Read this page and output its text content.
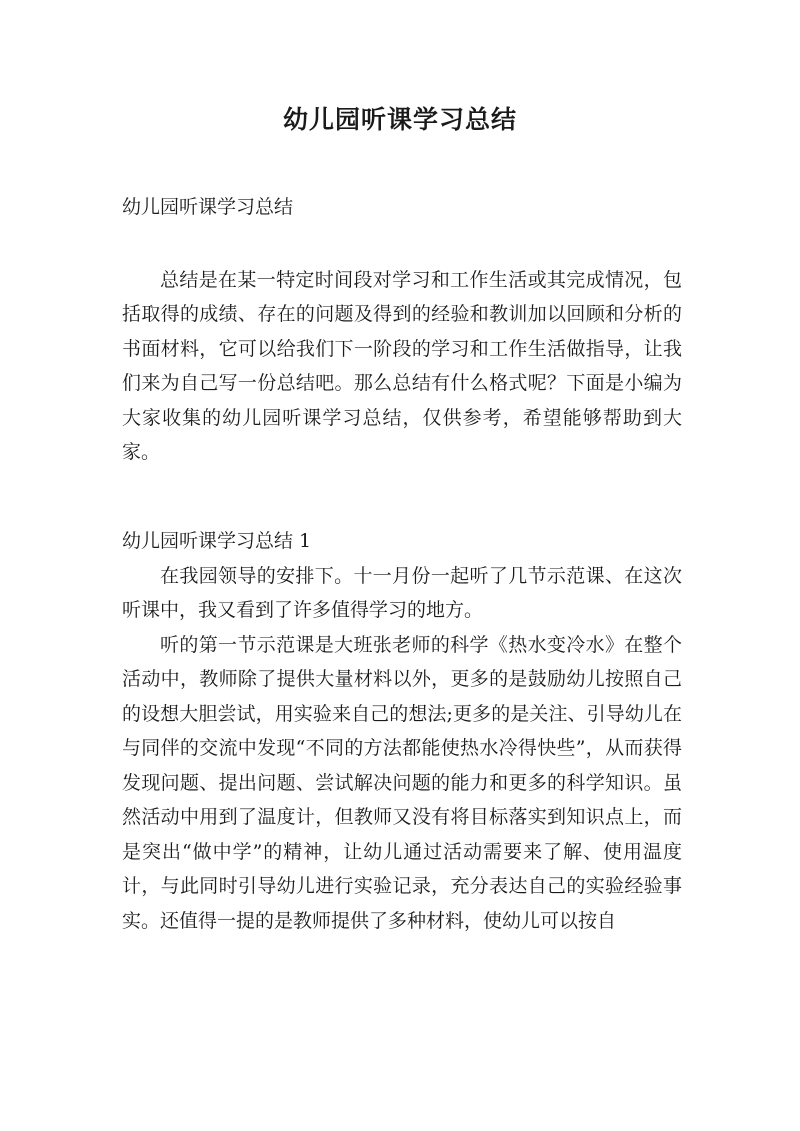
幼儿园听课学习总结

幼儿园听课学习总结

总结是在某一特定时间段对学习和工作生活或其完成情况，包括取得的成绩、存在的问题及得到的经验和教训加以回顾和分析的书面材料，它可以给我们下一阶段的学习和工作生活做指导，让我们来为自己写一份总结吧。那么总结有什么格式呢？下面是小编为大家收集的幼儿园听课学习总结，仅供参考，希望能够帮助到大家。

幼儿园听课学习总结 1

在我园领导的安排下。十一月份一起听了几节示范课、在这次听课中，我又看到了许多值得学习的地方。

听的第一节示范课是大班张老师的科学《热水变冷水》在整个活动中，教师除了提供大量材料以外，更多的是鼓励幼儿按照自己的设想大胆尝试，用实验来自己的想法;更多的是关注、引导幼儿在与同伴的交流中发现“不同的方法都能使热水冷得快些”，从而获得发现问题、提出问题、尝试解决问题的能力和更多的科学知识。虽然活动中用到了温度计，但教师又没有将目标落实到知识点上，而是突出“做中学”的精神，让幼儿通过活动需要来了解、使用温度计，与此同时引导幼儿进行实验记录，充分表达自己的实验经验事实。还值得一提的是教师提供了多种材料，使幼儿可以按自
